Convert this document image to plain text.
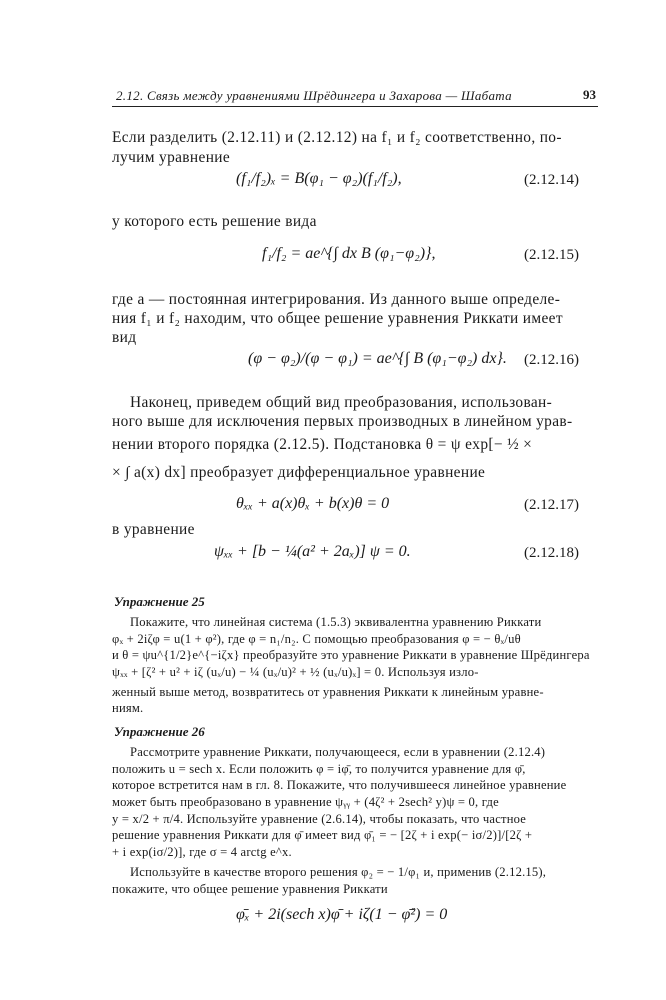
2.12. Связь между уравнениями Шрёдингера и Захарова — Шабата	93
Если разделить (2.12.11) и (2.12.12) на f₁ и f₂ соответственно, по-
лучим уравнение
(f₁/f₂)ₓ = B(φ₁ − φ₂)(f₁/f₂),	(2.12.14)
у которого есть решение вида
f₁/f₂ = ae^{∫ dx B (φ₁−φ₂)},	(2.12.15)
где a — постоянная интегрирования. Из данного выше определе-
ния f₁ и f₂ находим, что общее решение уравнения Риккати имеет
вид
(φ − φ₂)/(φ − φ₁) = ae^{∫ B (φ₁−φ₂) dx}. (2.12.16)
Наконец, приведем общий вид преобразования, использован-
ного выше для исключения первых производных в линейном урав-
нении второго порядка (2.12.5). Подстановка θ = ψ exp[− ½ ×
× ∫ a(x) dx] преобразует дифференциальное уравнение
θₓₓ + a(x)θₓ + b(x)θ = 0	(2.12.17)
в уравнение
ψₓₓ + [b − ¼(a² + 2aₓ)] ψ = 0.	(2.12.18)
Упражнение 25
Покажите, что линейная система (1.5.3) эквивалентна уравнению Риккати
φₓ + 2iζφ = u(1 + φ²), где φ = n₁/n₂. С помощью преобразования φ = − θₓ/uθ
и θ = ψu^{1/2}e^{−iζx} преобразуйте это уравнение Риккати в уравнение Шрёдингера
ψₓₓ + [ζ² + u² + iζ (uₓ/u) − ¼ (uₓ/u)² + ½ (uₓ/u)ₓ] = 0. Используя изло-
женный выше метод, возвратитесь от уравнения Риккати к линейным уравне-
ниям.
Упражнение 26
Рассмотрите уравнение Риккати, получающееся, если в уравнении (2.12.4)
положить u = sech x. Если положить φ = iφ̄, то получится уравнение для φ̄,
которое встретится нам в гл. 8. Покажите, что получившееся линейное уравнение
может быть преобразовано в уравнение ψᵧᵧ + (4ζ² + 2sech² y)ψ = 0, где
y = x/2 + π/4. Используйте уравнение (2.6.14), чтобы показать, что частное
решение уравнения Риккати для φ̄ имеет вид φ̄₁ = − [2ζ + i exp(− iσ/2)]/[2ζ +
+ i exp(iσ/2)], где σ = 4 arctg e^x.
Используйте в качестве второго решения φ₂ = − 1/φ₁ и, применив (2.12.15),
покажите, что общее решение уравнения Риккати
φ̄ₓ + 2i(sech x)φ̄ + iζ(1 − φ̄²) = 0
